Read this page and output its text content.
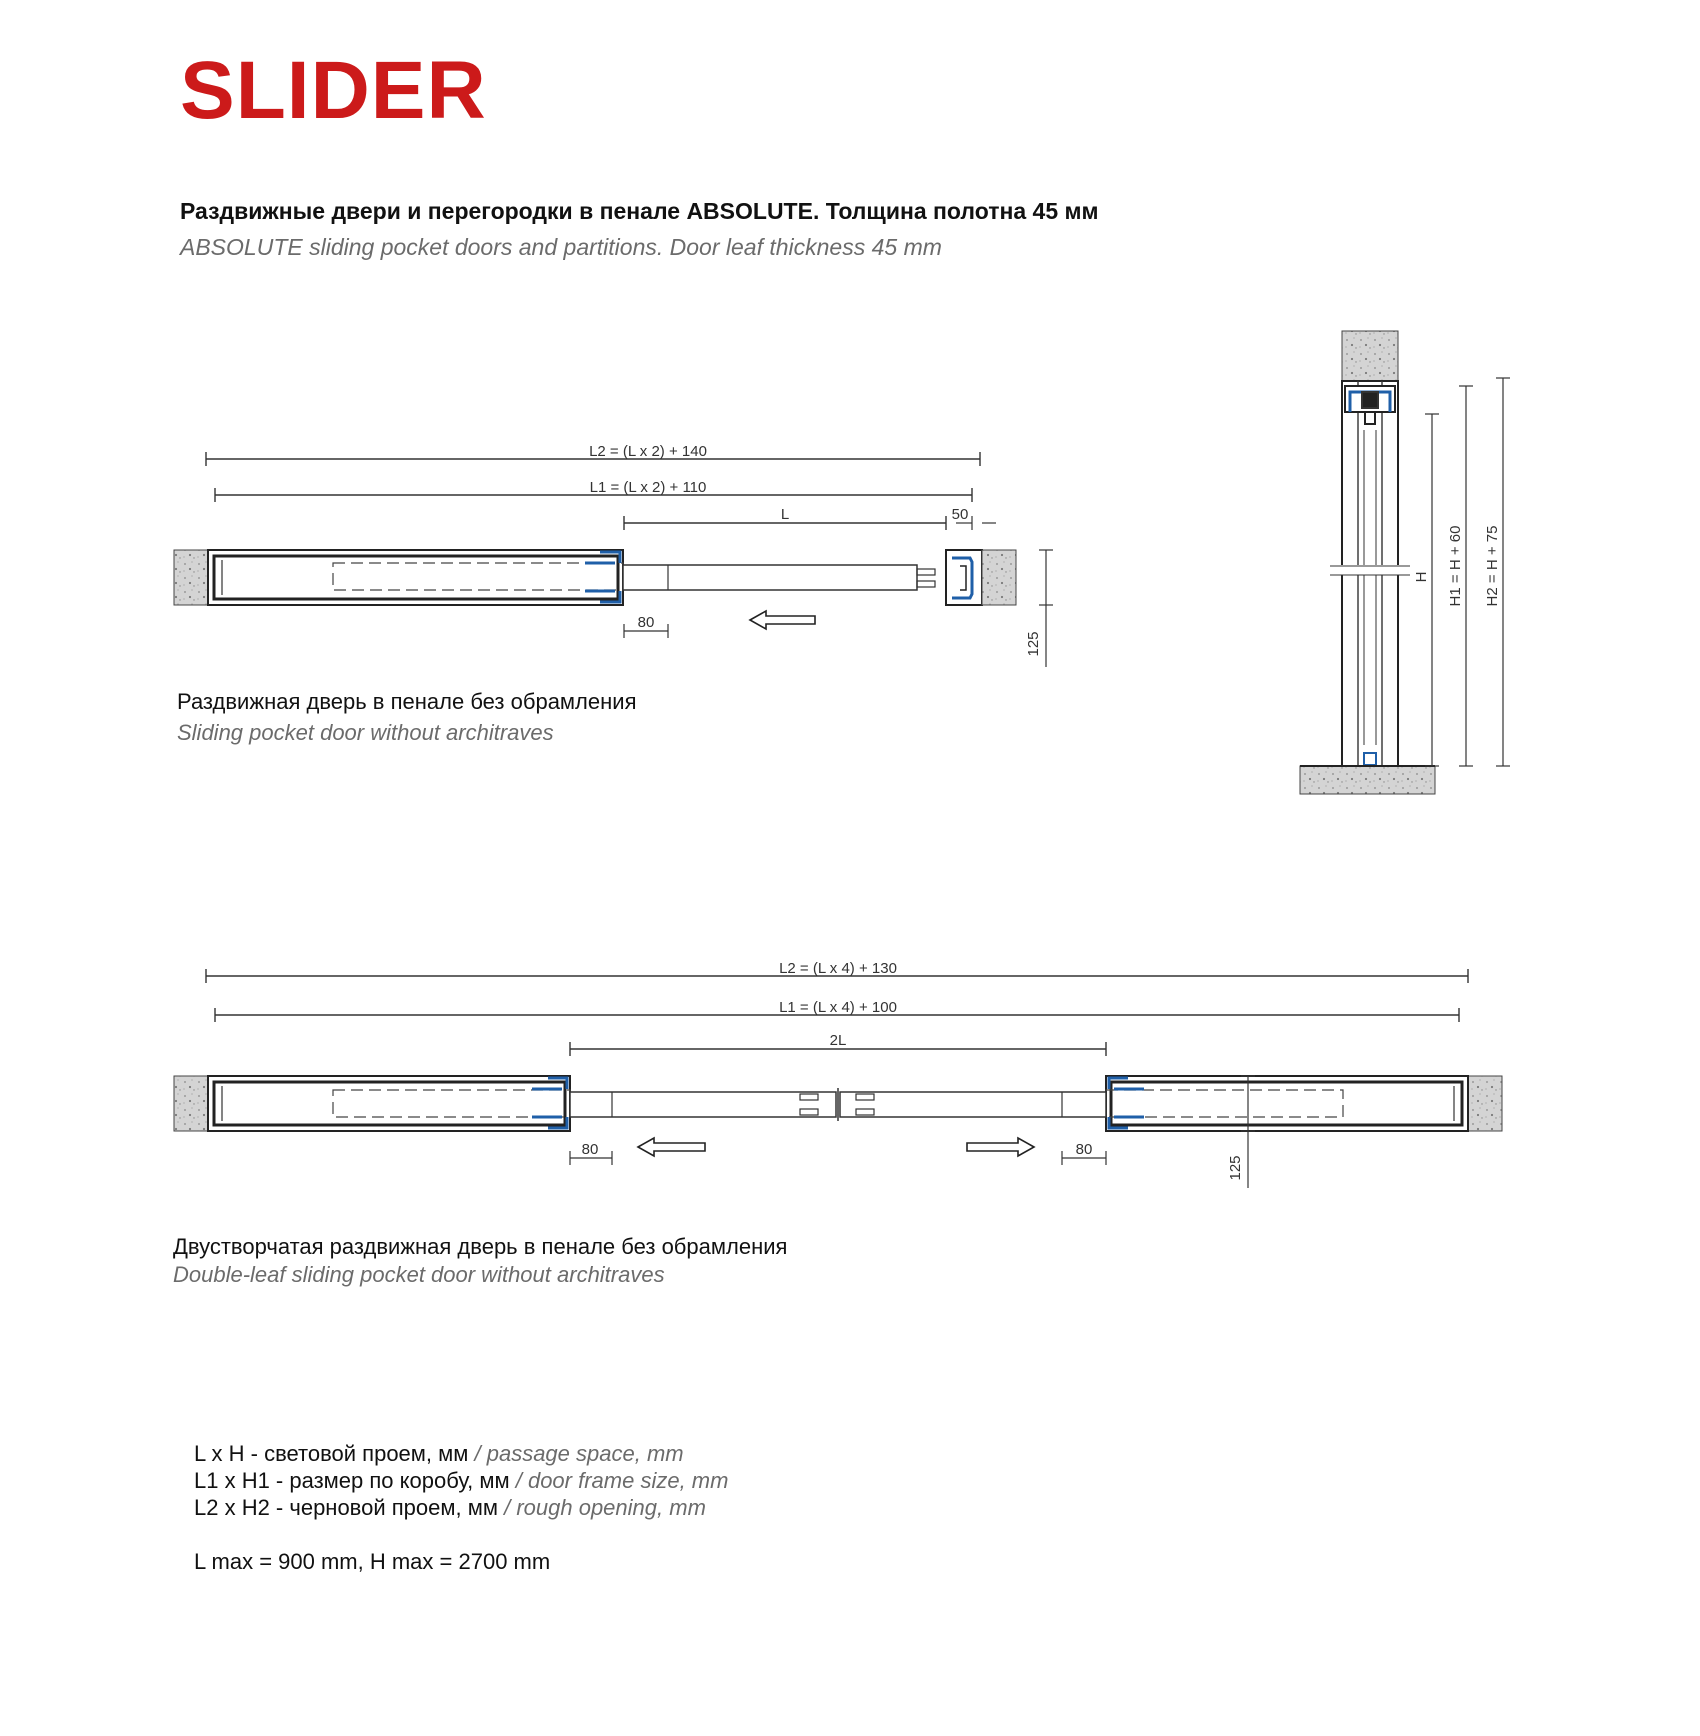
SLIDER
Раздвижные двери и перегородки в пенале ABSOLUTE. Толщина полотна 45 мм
ABSOLUTE sliding pocket doors and partitions. Door leaf thickness 45 mm
L2 = (L x 2) + 140
L1 = (L x 2) + 110
L	50
80
125
H H1 = H + 60 H2 = H + 75
L2 = (L x 4) + 130
L1 = (L x 4) + 100
2L
80	80
125
Раздвижная дверь в пенале без обрамления
Sliding pocket door without architraves
Двустворчатая раздвижная дверь в пенале без обрамления
Double-leaf sliding pocket door without architraves
L x H - световой проем, мм / passage space, mm
L1 x H1 - размер по коробу, мм / door frame size, mm
L2 x H2 - черновой проем, мм / rough opening, mm
L max = 900 mm, H max = 2700 mm
